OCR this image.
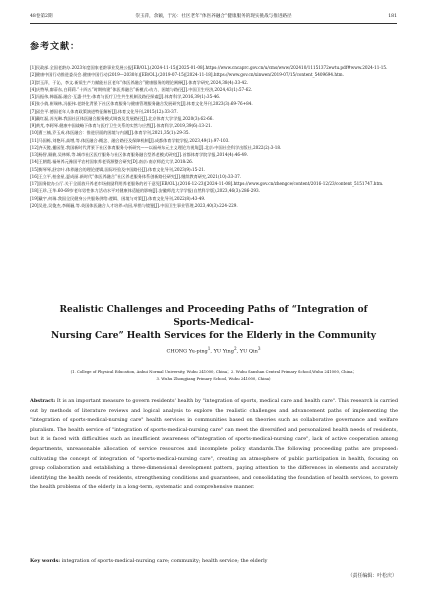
48卷第2期	崇玉萍，余颖，于沁：社区老年“体医养融合”健康服务的现实挑战与推进路径	181
参考文献：
[1]民政部.全国老龄办.2023年度国家老龄事业发展公报[EB/OL].(2024-11-15)[2025-01-08].https://www.cncaprc.gov.cn/u/cms/www/202410/11151372ewtu.pdf#www.2024-11-15.
[2]健康中国行动推进委员会.健康中国行动(2019—2030年)[EB/OL].(2019-07-15)[2024-11-18].https://www.gov.cn/xinwen/2019-07/15/content_5409694.htm.
[3]崇玉萍，于沁，李文.新质生产力赋能社区老年“体医养融合”健康服务的理论阐释[J].体育学研究,2024,38(4):33-42.
[4]庆赞琴,廖蒂东,白莉莉.“十四五”时期构建“体医养融合”新模式:动力、困境与路径[J].中国卫生经济,2024,43(1):57-62.
[5]冯振伟,韩磊磊.融合·互惠·共生:体育与医疗卫生共生机制及路径探索[J].体育科学,2016,39(1):35-46.
[6]张小倩,崔瑞林,冯振伟.老龄化背景下社区体育服务与健康管理服务融合发展研究[J].体育文化导刊,2023(3):69-76+84.
[7]邱会平.德国老年人体育政策演进特征解析[J].体育文化导刊,2015(12):33-37.
[8]戴红磊,苏光琳.我国社区体医融合服务模式调查及发展路径[J].北京体育大学学报,2020(3):62-66.
[9]黄芃,李阿琴.健康中国战略下体育与医疗卫生关系的实然与应然[J].体育科学,2019,39(6):13-21.
[10]曹三楠,乔玉成.体医融合：推进层面的困境与内涵[J].体育学刊,2021,35(1):29-35.
[11]马国栋,刘艳环,高增,等.体医融合:概念、融合路径及保障机制[J].成都体育学院学报,2023,49(1):97-103.
[12]齐天懿,播园玺.我国新时代背景下社区体育服务分析研究——以福州东元主义理论为视角[J].北京:中国社会科学出版社,2022(2):3-18.
[13]杨智,顾筱,吴林辉,等.城市社区医疗服务与社区体育服务融合型养老模式研究[J].首都体育学院学报,2014(4):46-49.
[14]王朝霞.福州养元豫国平农村国家养老资源整合研究[D].南京:南京师范大学,2018:26.
[15]衡琴琴,舒宗叶.体养融合的理论逻辑,国际经验及中国路径[J].体育文化导刊,2023(9):15-21.
[16]王立平,柏金星,夏成丽.新时代“体医养融合”社区养老服务体系创新路径研究[J].继续教育研究,2021(10):33-37.
[17]国务院办公厅.关于全面放开养老市场鼓励利用养老服务的若干意见[EB/OL].(2016-12-23)[2024-11-08].https://www.gov.cn/zhengce/content/2016-12/23/content_5151747.htm.
[18]王珍,王华.60-69岁老年男性体力活动水平对健康体适能的影响[J].安徽师范大学学报(自然科学版),2023,46(3):286-293.
[19]戴宇,何瑞.我国全民健身公共服务供给:逻辑、困境与对策[J].体育文化导刊,2022(8):43-49.
[20]吴进,吴俊杰,李顾骊,等.英国体医融合人才培养:动因,举措与镜鉴[J].中国卫生事业管理,2023,40(3):224-229.
Realistic Challenges and Proceeding Paths of “Integration of Sports-Medical-
Nursing Care” Health Services for the Elderly in the Community
CHONG Yu-ping$^1$, YU Ying$^2$, YU Qin$^3$
(1. College of Physical Education, Anhui Normal University, Wuhu 241000, China；2. Wuhu Sanshan Central Primary School,Wuhu 241000, China；
3. Wuhu Zhongjiang Primary School, Wuhu 241000, China)
Abstract: It is an important measure to govern residents' health by "integration of sports, medical care and health care". This research is carried out by methods of literature reviews and logical analysis to explore the realistic challenges and advancement paths of implementing the "integration of sports-medical-nursing care" health services in communities based on theories such as collaborative governance and welfare pluralism. The health service of "integration of sports-medical-nursing care" can meet the diversified and personalized health needs of residents, but it is faced with difficulties such as insufficient awareness of"integration of sports-medical-nursing care", lack of active cooperation among departments, unreasonable allocation of service resources and incomplete policy standards.The following proceeding paths are proposed: cultivating the concept of integration of "sports-medical-nursing care", creating an atmosphere of public participation in health, focusing on group collaboration and establishing a three-dimensional development pattern, paying attention to the differences in elements and accurately identifying the health needs of residents, strengthening conditions and guarantees, and consolidating the foundation of health services, to govern the health problems of the elderly in a long-term, systematic and comprehensive manner.
Key words: integration of sports-medical-nursing care; community; health service; the elderly
（责任编辑：叶松庆）
